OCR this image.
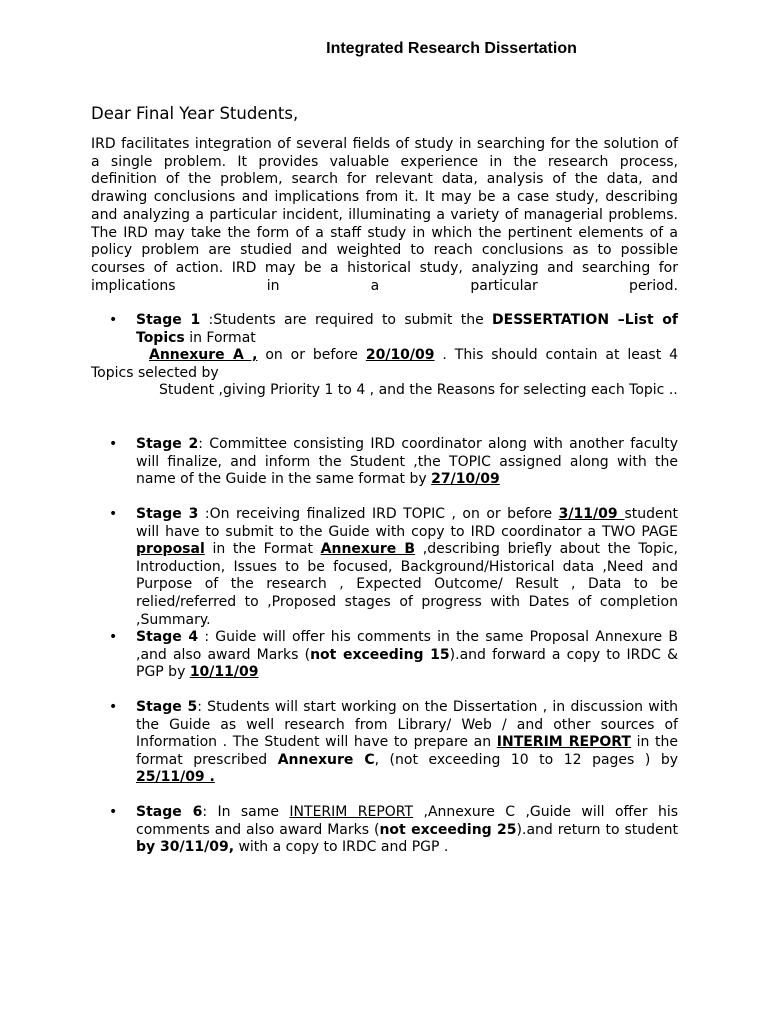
Integrated Research Dissertation
Dear Final Year Students,
IRD facilitates integration of several fields of study in searching for the solution of a single problem. It provides valuable experience in the research process, definition of the problem, search for relevant data, analysis of the data, and drawing conclusions and implications from it. It may be a case study, describing and analyzing a particular incident, illuminating a variety of managerial problems. The IRD may take the form of a staff study in which the pertinent elements of a policy problem are studied and weighted to reach conclusions as to possible courses of action. IRD may be a historical study, analyzing and searching for implications in a particular period.
• Stage 1 :Students are required to submit the DESSERTATION –List of Topics in Format
Annexure A , on or before 20/10/09 . This should contain at least 4 Topics selected by
Student ,giving Priority 1 to 4 , and the Reasons for selecting each Topic ..
• Stage 2: Committee consisting IRD coordinator along with another faculty will finalize, and inform the Student ,the TOPIC assigned along with the name of the Guide in the same format by 27/10/09
• Stage 3 :On receiving finalized IRD TOPIC , on or before 3/11/09 student will have to submit to the Guide with copy to IRD coordinator a TWO PAGE proposal in the Format Annexure B ,describing briefly about the Topic, Introduction, Issues to be focused, Background/Historical data ,Need and Purpose of the research , Expected Outcome/ Result , Data to be relied/referred to ,Proposed stages of progress with Dates of completion ,Summary.
• Stage 4 : Guide will offer his comments in the same Proposal Annexure B ,and also award Marks (not exceeding 15).and forward a copy to IRDC & PGP by 10/11/09
• Stage 5: Students will start working on the Dissertation , in discussion with the Guide as well research from Library/ Web / and other sources of Information . The Student will have to prepare an INTERIM REPORT in the format prescribed Annexure C, (not exceeding 10 to 12 pages ) by 25/11/09 .
• Stage 6: In same INTERIM REPORT ,Annexure C ,Guide will offer his comments and also award Marks (not exceeding 25).and return to student by 30/11/09, with a copy to IRDC and PGP .
